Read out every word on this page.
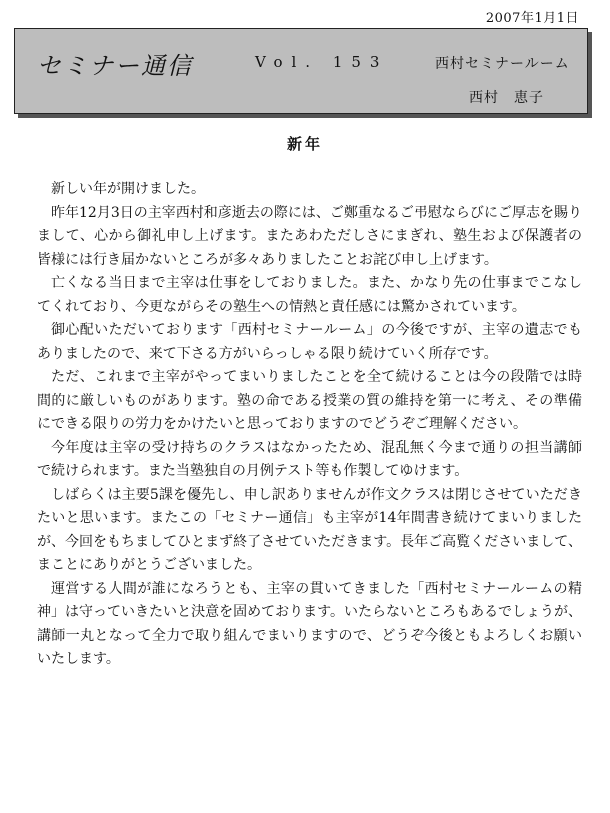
2007年1月1日
セミナー通信	Vol. 153	西村セミナールーム
西村　恵子
新年

新しい年が開けました。

昨年12月3日の主宰西村和彦逝去の際には、ご鄭重なるご弔慰ならびにご厚志を賜りまして、心から御礼申し上げます。またあわただしさにまぎれ、塾生および保護者の皆様には行き届かないところが多々ありましたことお詫び申し上げます。

亡くなる当日まで主宰は仕事をしておりました。また、かなり先の仕事までこなしてくれており、今更ながらその塾生への情熱と責任感には驚かされています。

御心配いただいております「西村セミナールーム」の今後ですが、主宰の遺志でもありましたので、来て下さる方がいらっしゃる限り続けていく所存です。

ただ、これまで主宰がやってまいりましたことを全て続けることは今の段階では時間的に厳しいものがあります。塾の命である授業の質の維持を第一に考え、その準備にできる限りの労力をかけたいと思っておりますのでどうぞご理解ください。

今年度は主宰の受け持ちのクラスはなかったため、混乱無く今まで通りの担当講師で続けられます。また当塾独自の月例テスト等も作製してゆけます。

しばらくは主要5課を優先し、申し訳ありませんが作文クラスは閉じさせていただきたいと思います。またこの「セミナー通信」も主宰が14年間書き続けてまいりましたが、今回をもちましてひとまず終了させていただきます。長年ご高覧くださいまして、まことにありがとうございました。

運営する人間が誰になろうとも、主宰の貫いてきました「西村セミナールームの精神」は守っていきたいと決意を固めております。いたらないところもあるでしょうが、講師一丸となって全力で取り組んでまいりますので、どうぞ今後ともよろしくお願いいたします。
